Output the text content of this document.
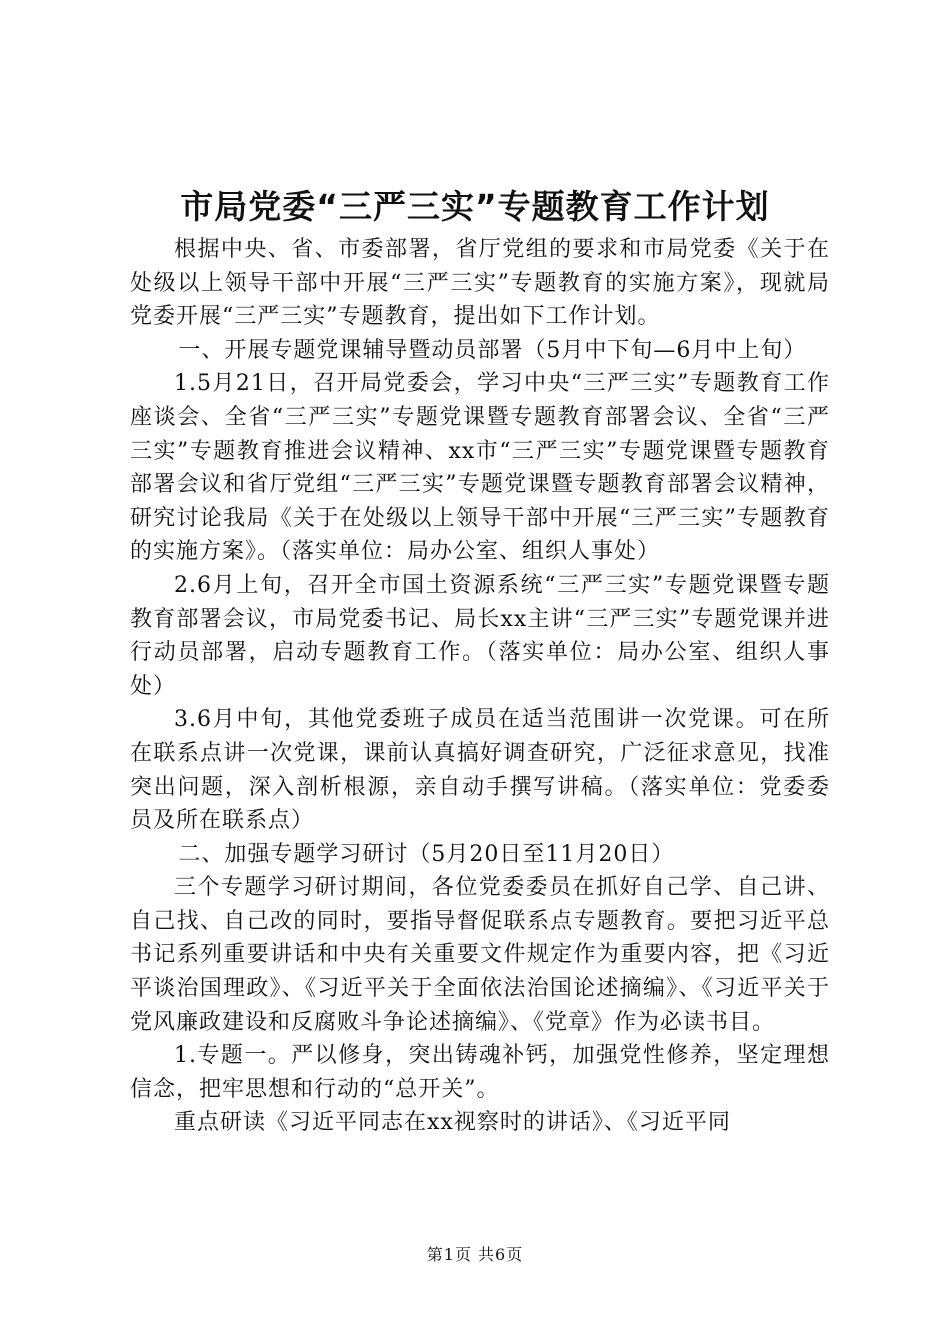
市局党委“三严三实”专题教育工作计划

根据中央、省、市委部署，省厅党组的要求和市局党委《关于在处级以上领导干部中开展“三严三实”专题教育的实施方案》，现就局党委开展“三严三实”专题教育，提出如下工作计划。

一、开展专题党课辅导暨动员部署（5月中下旬—6月中上旬）

1.5月21日，召开局党委会，学习中央“三严三实”专题教育工作座谈会、全省“三严三实”专题党课暨专题教育部署会议、全省“三严三实”专题教育推进会议精神、xx市“三严三实”专题党课暨专题教育部署会议和省厅党组“三严三实”专题党课暨专题教育部署会议精神，研究讨论我局《关于在处级以上领导干部中开展“三严三实”专题教育的实施方案》。（落实单位：局办公室、组织人事处）

2.6月上旬，召开全市国土资源系统“三严三实”专题党课暨专题教育部署会议，市局党委书记、局长xx主讲“三严三实”专题党课并进行动员部署，启动专题教育工作。（落实单位：局办公室、组织人事处）

3.6月中旬，其他党委班子成员在适当范围讲一次党课。可在所在联系点讲一次党课，课前认真搞好调查研究，广泛征求意见，找准突出问题，深入剖析根源，亲自动手撰写讲稿。（落实单位：党委委员及所在联系点）

二、加强专题学习研讨（5月20日至11月20日）

三个专题学习研讨期间，各位党委委员在抓好自己学、自己讲、自己找、自己改的同时，要指导督促联系点专题教育。要把习近平总书记系列重要讲话和中央有关重要文件规定作为重要内容，把《习近平谈治国理政》、《习近平关于全面依法治国论述摘编》、《习近平关于党风廉政建设和反腐败斗争论述摘编》、《党章》作为必读书目。

1.专题一。严以修身，突出铸魂补钙，加强党性修养，坚定理想信念，把牢思想和行动的“总开关”。

重点研读《习近平同志在xx视察时的讲话》、《习近平同

第1页 共6页
